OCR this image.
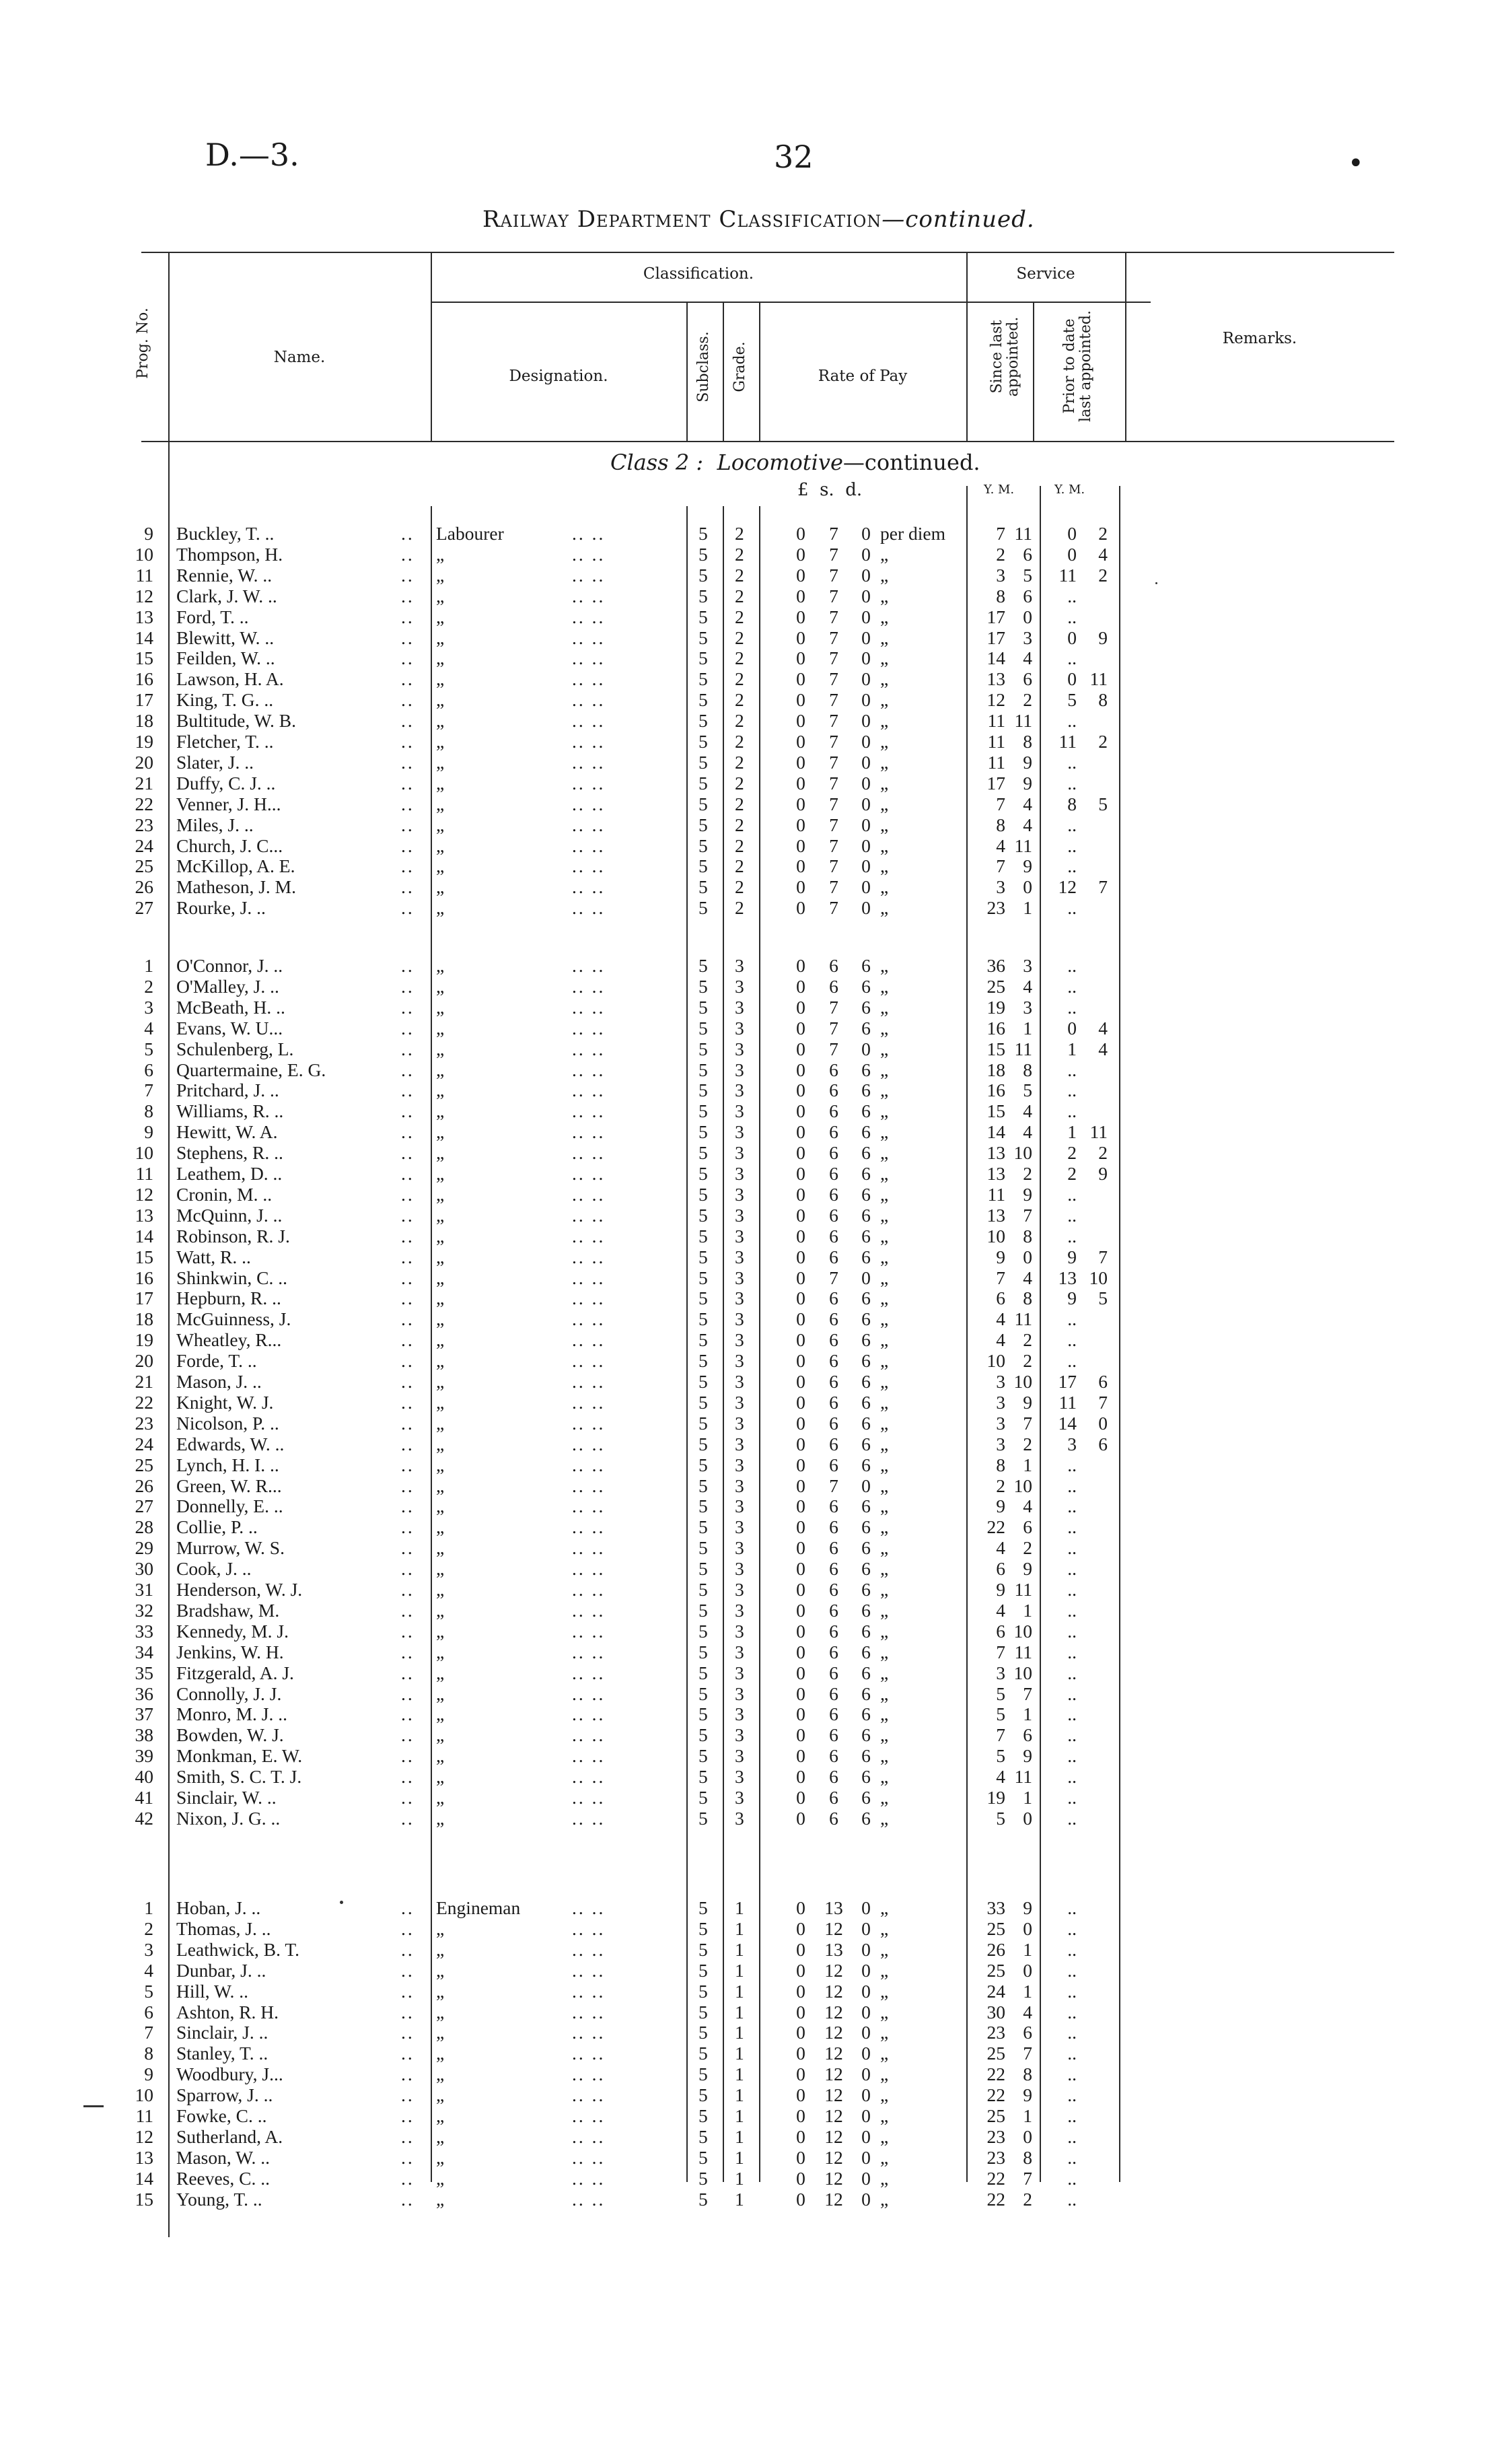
D.—3.	32	•
Railway Department Classification—continued.
Prog. No.	Name.
Classification.
Designation.	Subclass. Grade.	Rate of Pay
Service
Since last appointed.	Prior to date last appointed.	Remarks.
Class 2 : Locomotive—continued.
£ s. d.	Y. M.	Y. M.
9 Buckley, T. ..	.. Labourer	.. ..	5 2	0	7	0 per diem	7 11	0	2
10 Thompson, H.	.. „	.. ..	5 2	0	7	0 „	2 6	0	4
11 Rennie, W. ..	.. „	.. ..	5 2	0	7	0 „	3 5	11	2
12 Clark, J. W. ..	.. „	.. ..	5 2	0	7	0 „	8 6	..
13 Ford, T. ..	.. „	.. ..	5 2	0	7	0 „	17 0	..
14 Blewitt, W. ..	.. „	.. ..	5 2	0	7	0 „	17 3	0	9
15 Feilden, W. ..	.. „	.. ..	5 2	0	7	0 „	14 4	..
16 Lawson, H. A.	.. „	.. ..	5 2	0	7	0 „	13 6	0 11
17 King, T. G. ..	.. „	.. ..	5 2	0	7	0 „	12 2	5	8
18 Bultitude, W. B.	.. „	.. ..	5 2	0	7	0 „	11 11	..
19 Fletcher, T. ..	.. „	.. ..	5 2	0	7	0 „	11 8	11	2
20 Slater, J. ..	.. „	.. ..	5 2	0	7	0 „	11 9	..
21 Duffy, C. J. ..	.. „	.. ..	5 2	0	7	0 „	17 9	..
22 Venner, J. H...	.. „	.. ..	5 2	0	7	0 „	7 4	8	5
23 Miles, J. ..	.. „	.. ..	5 2	0	7	0 „	8 4	..
24 Church, J. C...	.. „	.. ..	5 2	0	7	0 „	4 11	..
25 McKillop, A. E.	.. „	.. ..	5 2	0	7	0 „	7 9	..
26 Matheson, J. M.	.. „	.. ..	5 2	0	7	0 „	3 0	12	7
27 Rourke, J. ..	.. „	.. ..	5 2	0	7	0 „	23 1	..
1 O'Connor, J. ..	.. „	.. ..	5 3	0	6	6 „	36 3	..
2 O'Malley, J. ..	.. „	.. ..	5 3	0	6	6 „	25 4	..
3 McBeath, H. ..	.. „	.. ..	5 3	0	7	6 „	19 3	..
4 Evans, W. U...	.. „	.. ..	5 3	0	7	6 „	16 1	0	4
5 Schulenberg, L.	.. „	.. ..	5 3	0	7	0 „	15 11	1	4
6 Quartermaine, E. G.	.. „	.. ..	5 3	0	6	6 „	18 8	..
7 Pritchard, J. ..	.. „	.. ..	5 3	0	6	6 „	16 5	..
8 Williams, R. ..	.. „	.. ..	5 3	0	6	6 „	15 4	..
9 Hewitt, W. A.	.. „	.. ..	5 3	0	6	6 „	14 4	1 11
10 Stephens, R. ..	.. „	.. ..	5 3	0	6	6 „	13 10	2	2
11 Leathem, D. ..	.. „	.. ..	5 3	0	6	6 „	13 2	2	9
12 Cronin, M. ..	.. „	.. ..	5 3	0	6	6 „	11 9	..
13 McQuinn, J. ..	.. „	.. ..	5 3	0	6	6 „	13 7	..
14 Robinson, R. J.	.. „	.. ..	5 3	0	6	6 „	10 8	..
15 Watt, R. ..	.. „	.. ..	5 3	0	6	6 „	9 0	9	7
16 Shinkwin, C. ..	.. „	.. ..	5 3	0	7	0 „	7 4	13 10
17 Hepburn, R. ..	.. „	.. ..	5 3	0	6	6 „	6 8	9	5
18 McGuinness, J.	.. „	.. ..	5 3	0	6	6 „	4 11	..
19 Wheatley, R...	.. „	.. ..	5 3	0	6	6 „	4 2	..
20 Forde, T. ..	.. „	.. ..	5 3	0	6	6 „	10 2	..
21 Mason, J. ..	.. „	.. ..	5 3	0	6	6 „	3 10	17	6
22 Knight, W. J.	.. „	.. ..	5 3	0	6	6 „	3 9	11	7
23 Nicolson, P. ..	.. „	.. ..	5 3	0	6	6 „	3 7	14	0
24 Edwards, W. ..	.. „	.. ..	5 3	0	6	6 „	3 2	3	6
25 Lynch, H. I. ..	.. „	.. ..	5 3	0	6	6 „	8 1	..
26 Green, W. R...	.. „	.. ..	5 3	0	7	0 „	2 10	..
27 Donnelly, E. ..	.. „	.. ..	5 3	0	6	6 „	9 4	..
28 Collie, P. ..	.. „	.. ..	5 3	0	6	6 „	22 6	..
29 Murrow, W. S.	.. „	.. ..	5 3	0	6	6 „	4 2	..
30 Cook, J. ..	.. „	.. ..	5 3	0	6	6 „	6 9	..
31 Henderson, W. J.	.. „	.. ..	5 3	0	6	6 „	9 11	..
32 Bradshaw, M.	.. „	.. ..	5 3	0	6	6 „	4 1	..
33 Kennedy, M. J.	.. „	.. ..	5 3	0	6	6 „	6 10	..
34 Jenkins, W. H.	.. „	.. ..	5 3	0	6	6 „	7 11	..
35 Fitzgerald, A. J.	.. „	.. ..	5 3	0	6	6 „	3 10	..
36 Connolly, J. J.	.. „	.. ..	5 3	0	6	6 „	5 7	..
37 Monro, M. J. ..	.. „	.. ..	5 3	0	6	6 „	5 1	..
38 Bowden, W. J.	.. „	.. ..	5 3	0	6	6 „	7 6	..
39 Monkman, E. W.	.. „	.. ..	5 3	0	6	6 „	5 9	..
40 Smith, S. C. T. J.	.. „	.. ..	5 3	0	6	6 „	4 11	..
41 Sinclair, W. ..	.. „	.. ..	5 3	0	6	6 „	19 1	..
42 Nixon, J. G. ..	.. „	.. ..	5 3	0	6	6 „	5 0	..
1 Hoban, J. ..	.. Engineman	.. ..	5 1	0	13 0 „	33 9	..
2 Thomas, J. ..	.. „	.. ..	5 1	0	12 0 „	25 0	..
3 Leathwick, B. T.	.. „	.. ..	5 1	0	13 0 „	26 1	..
4 Dunbar, J. ..	.. „	.. ..	5 1	0	12 0 „	25 0	..
5 Hill, W. ..	.. „	.. ..	5 1	0	12 0 „	24 1	..
6 Ashton, R. H.	.. „	.. ..	5 1	0	12 0 „	30 4	..
7 Sinclair, J. ..	.. „	.. ..	5 1	0	12 0 „	23 6	..
8 Stanley, T. ..	.. „	.. ..	5 1	0	12 0 „	25 7	..
9 Woodbury, J...	.. „	.. ..	5 1	0	12 0 „	22 8	..
10 Sparrow, J. ..	.. „	.. ..	5 1	0	12 0 „	22 9	..
11 Fowke, C. ..	.. „	.. ..	5 1	0	12 0 „	25 1	..
12 Sutherland, A.	.. „	.. ..	5 1	0	12 0 „	23 0	..
13 Mason, W. ..	.. „	.. ..	5 1	0	12 0 „	23 8	..
14 Reeves, C. ..	.. „	.. ..	5 1	0	12 0 „	22 7	..
15 Young, T. ..	.. „	.. ..	5 1	0	12 0 „	22 2	..
